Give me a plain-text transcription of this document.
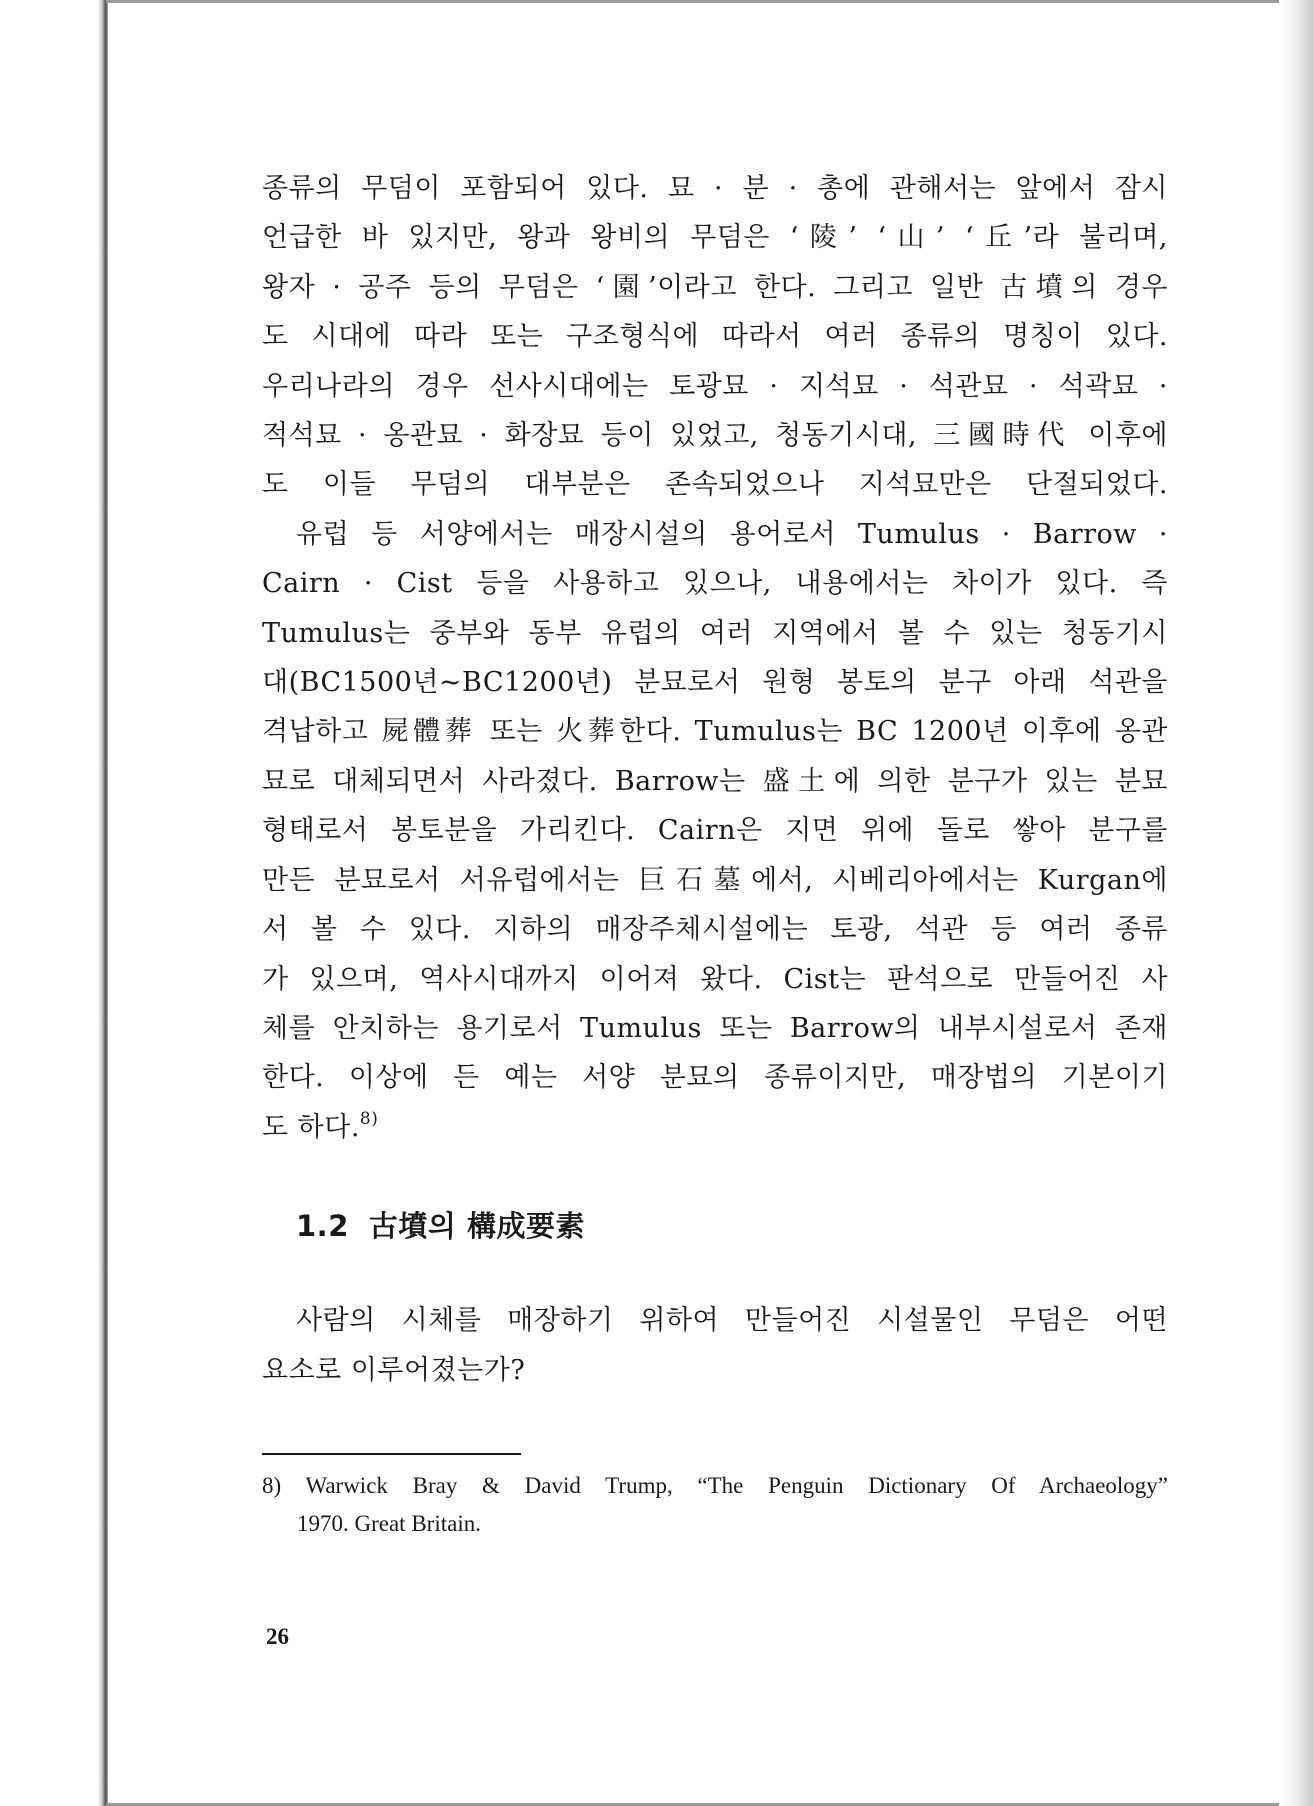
종류의 무덤이 포함되어 있다. 묘 · 분 · 총에 관해서는 앞에서 잠시
언급한 바 있지만, 왕과 왕비의 무덤은 ‘陵’ ‘山’ ‘丘’라 불리며,
왕자 · 공주 등의 무덤은 ‘園’이라고 한다. 그리고 일반 古墳의 경우
도 시대에 따라 또는 구조형식에 따라서 여러 종류의 명칭이 있다.
우리나라의 경우 선사시대에는 토광묘 · 지석묘 · 석관묘 · 석곽묘 ·
적석묘 · 옹관묘 · 화장묘 등이 있었고, 청동기시대, 三國時代 이후에
도 이들 무덤의 대부분은 존속되었으나 지석묘만은 단절되었다.
유럽 등 서양에서는 매장시설의 용어로서 Tumulus · Barrow ·
Cairn · Cist 등을 사용하고 있으나, 내용에서는 차이가 있다. 즉
Tumulus는 중부와 동부 유럽의 여러 지역에서 볼 수 있는 청동기시
대(BC1500년~BC1200년) 분묘로서 원형 봉토의 분구 아래 석관을
격납하고 屍體葬 또는 火葬한다. Tumulus는 BC 1200년 이후에 옹관
묘로 대체되면서 사라졌다. Barrow는 盛土에 의한 분구가 있는 분묘
형태로서 봉토분을 가리킨다. Cairn은 지면 위에 돌로 쌓아 분구를
만든 분묘로서 서유럽에서는 巨石墓에서, 시베리아에서는 Kurgan에
서 볼 수 있다. 지하의 매장주체시설에는 토광, 석관 등 여러 종류
가 있으며, 역사시대까지 이어져 왔다. Cist는 판석으로 만들어진 사
체를 안치하는 용기로서 Tumulus 또는 Barrow의 내부시설로서 존재
한다. 이상에 든 예는 서양 분묘의 종류이지만, 매장법의 기본이기
도 하다.$^{8)}$
1.2 古墳의 構成要素
사람의 시체를 매장하기 위하여 만들어진 시설물인 무덤은 어떤
요소로 이루어졌는가?
8) Warwick Bray & David Trump, “The Penguin Dictionary Of Archaeology”
1970. Great Britain.
26
